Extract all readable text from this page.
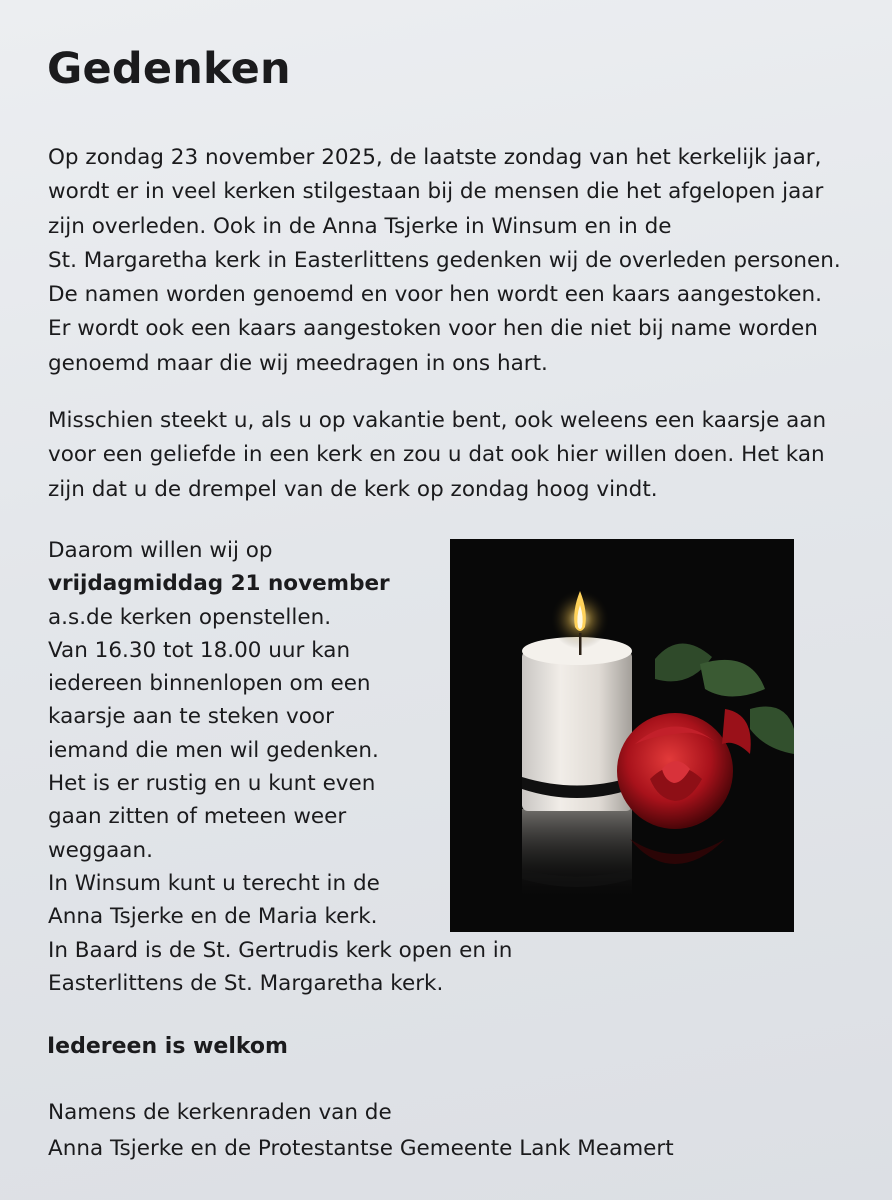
Gedenken

Op zondag 23 november 2025, de laatste zondag van het kerkelijk jaar,
wordt er in veel kerken stilgestaan bij de mensen die het afgelopen jaar
zijn overleden. Ook in de Anna Tsjerke in Winsum en in de
St. Margaretha kerk in Easterlittens gedenken wij de overleden personen.
De namen worden genoemd en voor hen wordt een kaars aangestoken.
Er wordt ook een kaars aangestoken voor hen die niet bij name worden
genoemd maar die wij meedragen in ons hart.

Misschien steekt u, als u op vakantie bent, ook weleens een kaarsje aan
voor een geliefde in een kerk en zou u dat ook hier willen doen. Het kan
zijn dat u de drempel van de kerk op zondag hoog vindt.

Daarom willen wij op
vrijdagmiddag 21 november
a.s.de kerken openstellen.
Van 16.30 tot 18.00 uur kan
iedereen binnenlopen om een
kaarsje aan te steken voor
iemand die men wil gedenken.
Het is er rustig en u kunt even
gaan zitten of meteen weer
weggaan.
In Winsum kunt u terecht in de
Anna Tsjerke en de Maria kerk.
In Baard is de St. Gertrudis kerk open en in
Easterlittens de St. Margaretha kerk.

Iedereen is welkom

Namens de kerkenraden van de
Anna Tsjerke en de Protestantse Gemeente Lank Meamert
